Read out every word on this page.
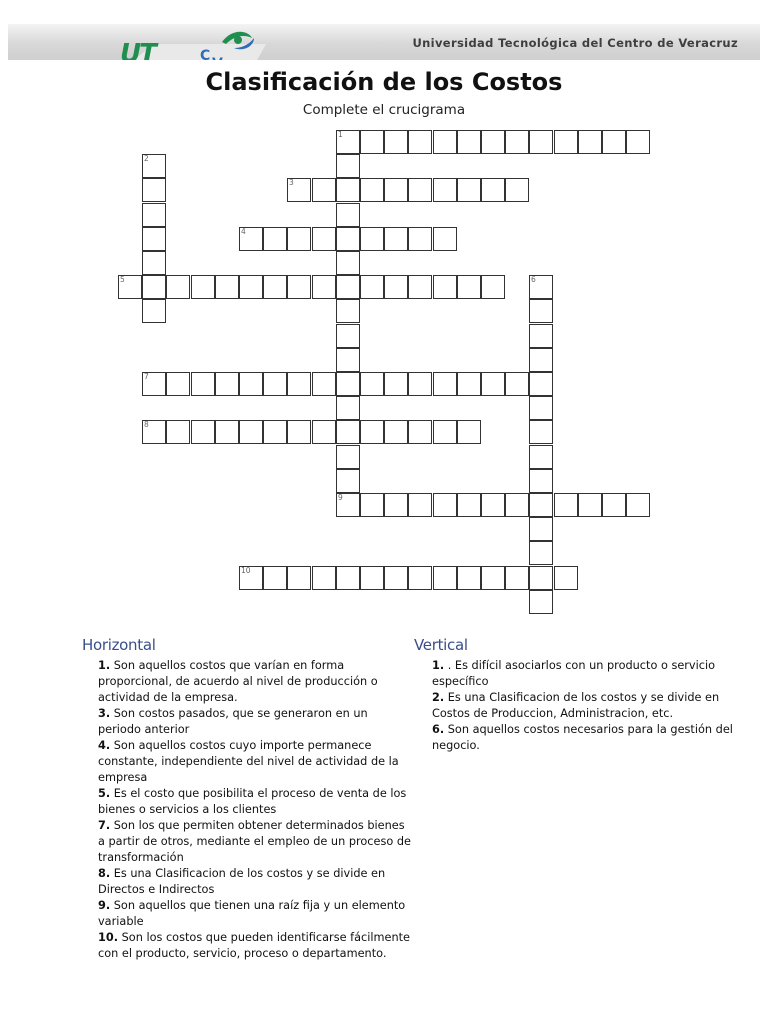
UT	C V
Universidad Tecnológica del Centro de Veracruz
Clasificación de los Costos
Complete el crucigrama
1
2
3
4
5	6
7
8
9
10
Horizontal
1. Son aquellos costos que varían en forma proporcional, de acuerdo al nivel de producción o actividad de la empresa.
3. Son costos pasados, que se generaron en un periodo anterior
4. Son aquellos costos cuyo importe permanece constante, independiente del nivel de actividad de la empresa
5. Es el costo que posibilita el proceso de venta de los bienes o servicios a los clientes
7. Son los que permiten obtener determinados bienes a partir de otros, mediante el empleo de un proceso de transformación
8. Es una Clasificacion de los costos y se divide en Directos e Indirectos
9. Son aquellos que tienen una raíz fija y un elemento variable
10. Son los costos que pueden identificarse fácilmente con el producto, servicio, proceso o departamento.
Vertical
1. . Es difícil asociarlos con un producto o servicio específico
2. Es una Clasificacion de los costos y se divide en Costos de Produccion, Administracion, etc.
6. Son aquellos costos necesarios para la gestión del negocio.
